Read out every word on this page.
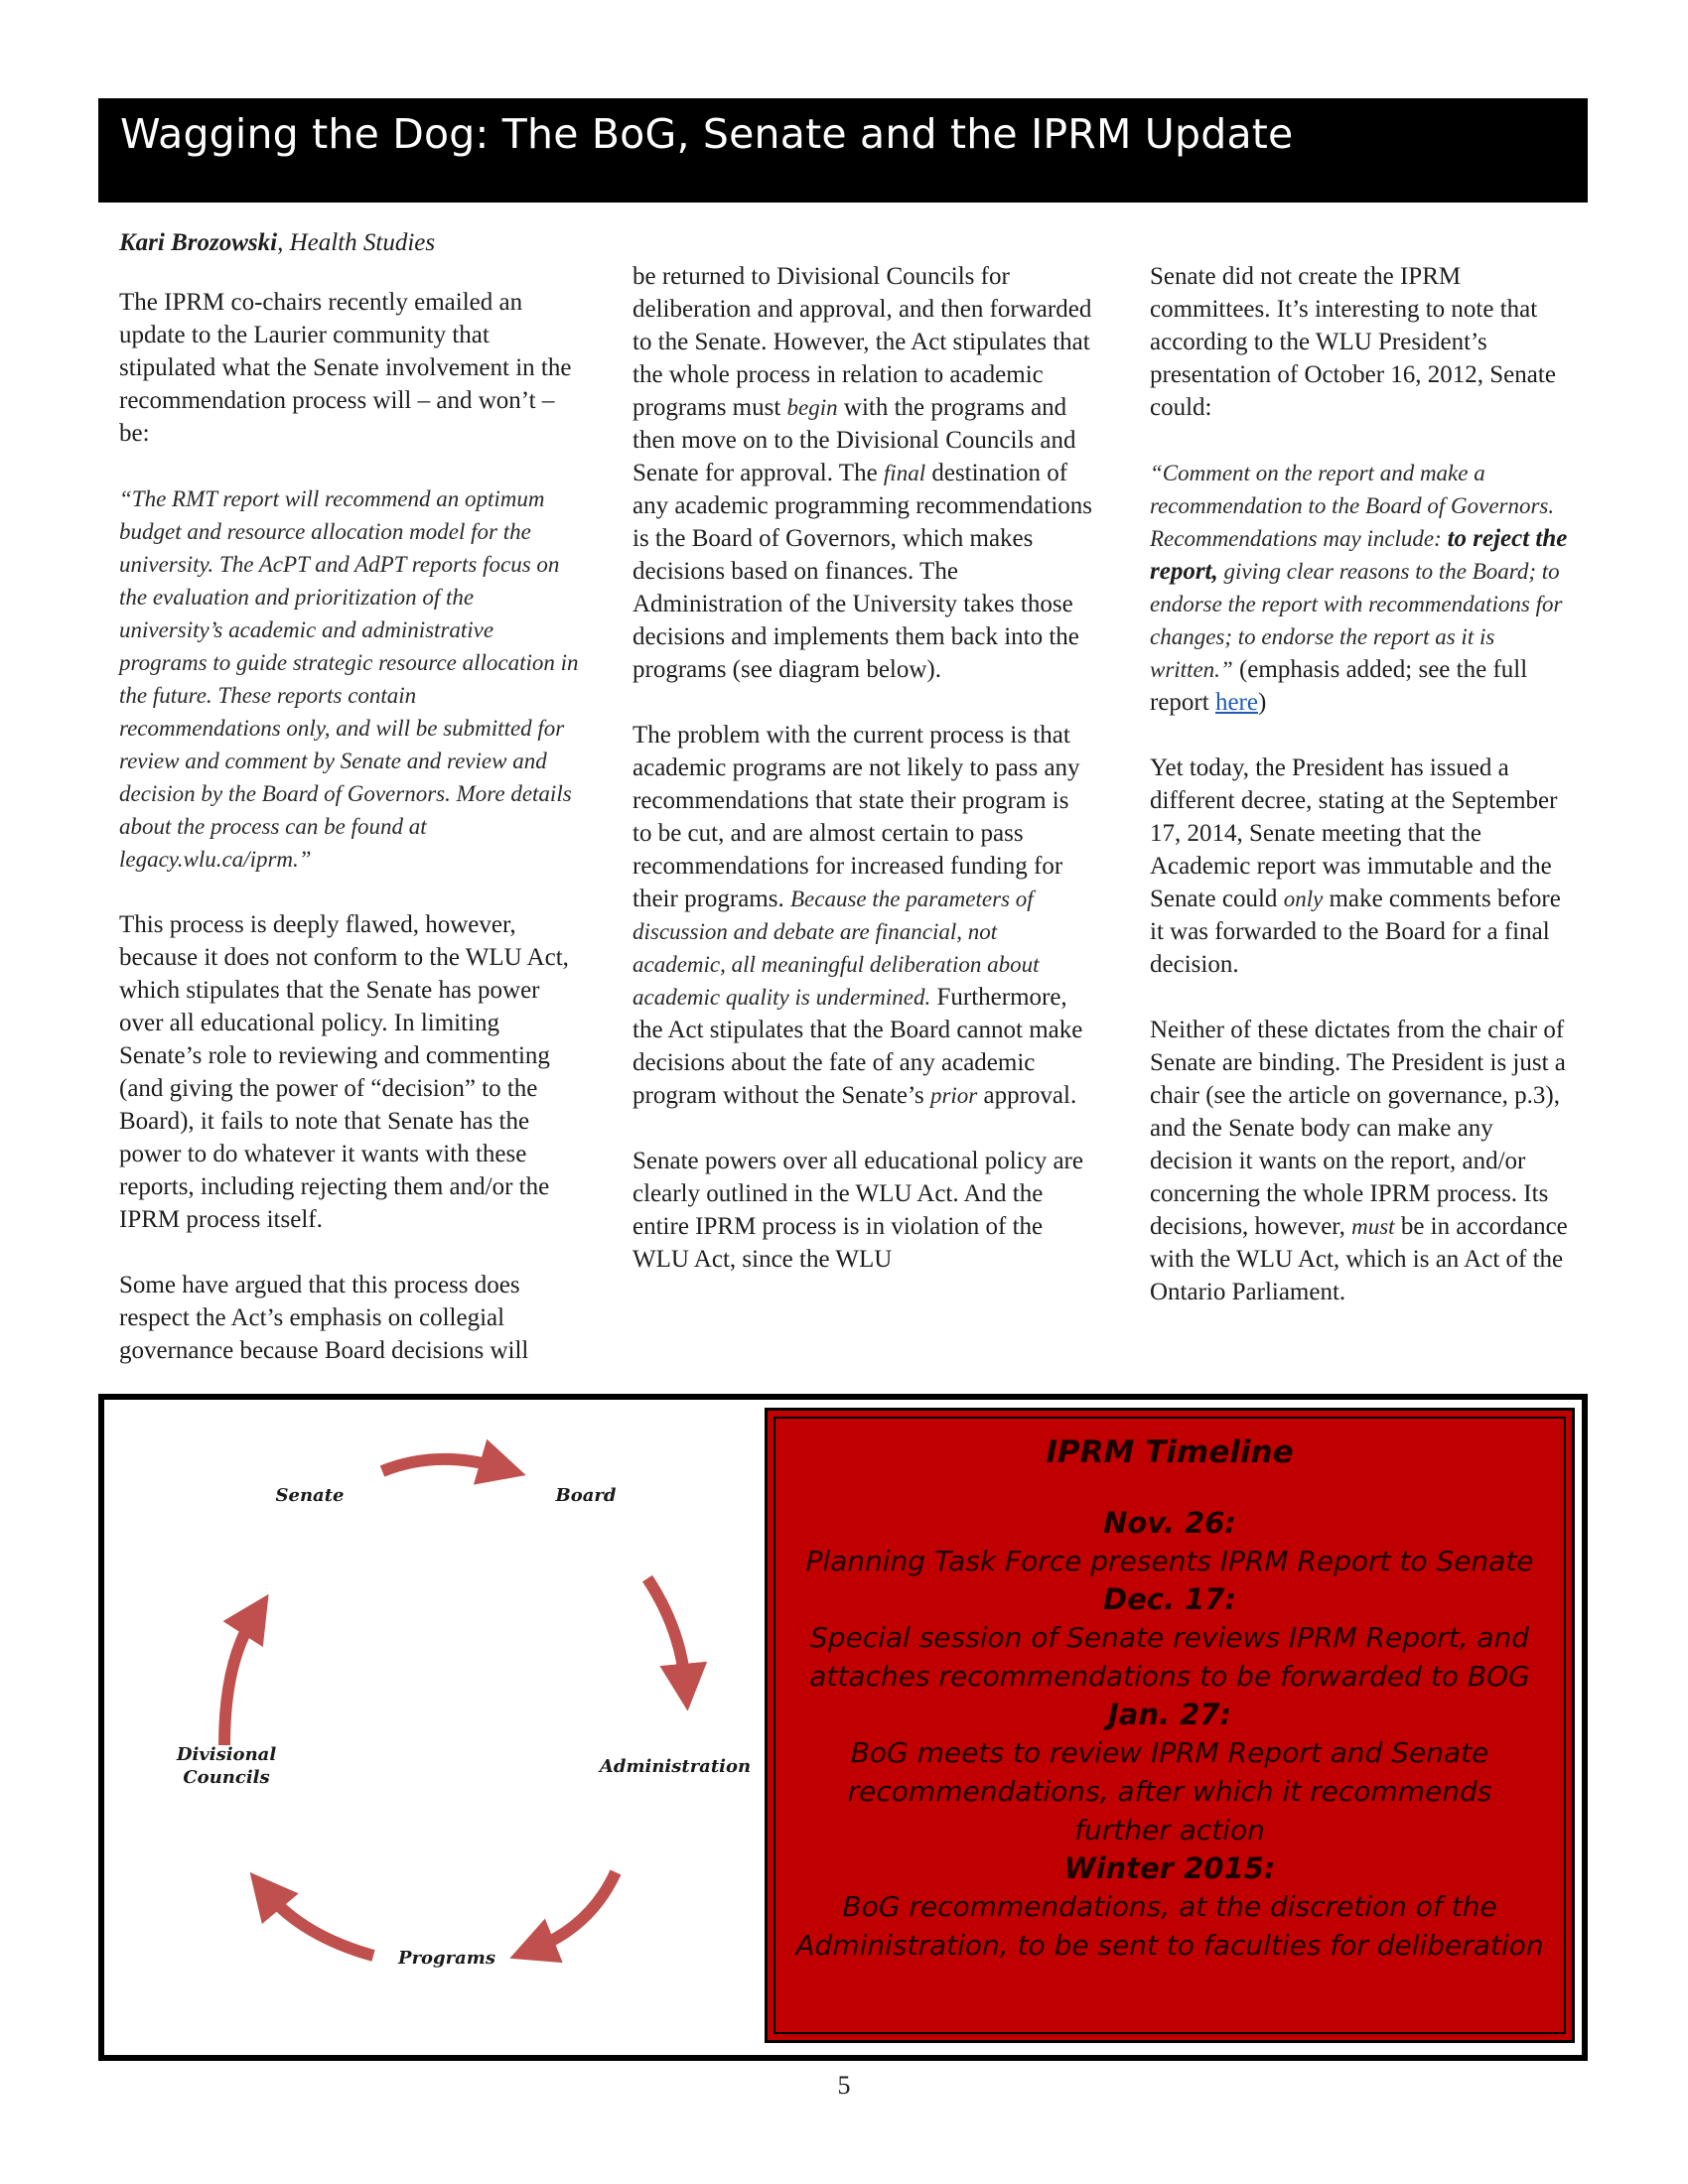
Wagging the Dog: The BoG, Senate and the IPRM Update

Kari Brozowski, Health Studies

The IPRM co-chairs recently emailed an update to the Laurier community that stipulated what the Senate involvement in the recommendation process will – and won’t – be:

“The RMT report will recommend an optimum budget and resource allocation model for the university. The AcPT and AdPT reports focus on the evaluation and prioritization of the university’s academic and administrative programs to guide strategic resource allocation in the future. These reports contain recommendations only, and will be submitted for review and comment by Senate and review and decision by the Board of Governors. More details about the process can be found at legacy.wlu.ca/iprm.”

This process is deeply flawed, however, because it does not conform to the WLU Act, which stipulates that the Senate has power over all educational policy. In limiting Senate’s role to reviewing and commenting (and giving the power of “decision” to the Board), it fails to note that Senate has the power to do whatever it wants with these reports, including rejecting them and/or the IPRM process itself.

Some have argued that this process does respect the Act’s emphasis on collegial governance because Board decisions will

be returned to Divisional Councils for deliberation and approval, and then forwarded to the Senate. However, the Act stipulates that the whole process in relation to academic programs must begin with the programs and then move on to the Divisional Councils and Senate for approval. The final destination of any academic programming recommendations is the Board of Governors, which makes decisions based on finances. The Administration of the University takes those decisions and implements them back into the programs (see diagram below).

The problem with the current process is that academic programs are not likely to pass any recommendations that state their program is to be cut, and are almost certain to pass recommendations for increased funding for their programs. Because the parameters of discussion and debate are financial, not academic, all meaningful deliberation about academic quality is undermined. Furthermore, the Act stipulates that the Board cannot make decisions about the fate of any academic program without the Senate’s prior approval.

Senate powers over all educational policy are clearly outlined in the WLU Act. And the entire IPRM process is in violation of the WLU Act, since the WLU

Senate did not create the IPRM committees. It’s interesting to note that according to the WLU President’s presentation of October 16, 2012, Senate could:

“Comment on the report and make a recommendation to the Board of Governors. Recommendations may include: to reject the report, giving clear reasons to the Board; to endorse the report with recommendations for changes; to endorse the report as it is written.” (emphasis added; see the full report here)

Yet today, the President has issued a different decree, stating at the September 17, 2014, Senate meeting that the Academic report was immutable and the Senate could only make comments before it was forwarded to the Board for a final decision.

Neither of these dictates from the chair of Senate are binding. The President is just a chair (see the article on governance, p.3), and the Senate body can make any decision it wants on the report, and/or concerning the whole IPRM process. Its decisions, however, must be in accordance with the WLU Act, which is an Act of the Ontario Parliament.

Senate	Board
Administration
Programs
Divisional
Councils
IPRM Timeline
Nov. 26:
Planning Task Force presents IPRM Report to Senate
Dec. 17:
Special session of Senate reviews IPRM Report, and attaches recommendations to be forwarded to BOG
Jan. 27:
BoG meets to review IPRM Report and Senate recommendations, after which it recommends further action
Winter 2015:
BoG recommendations, at the discretion of the Administration, to be sent to faculties for deliberation
5
